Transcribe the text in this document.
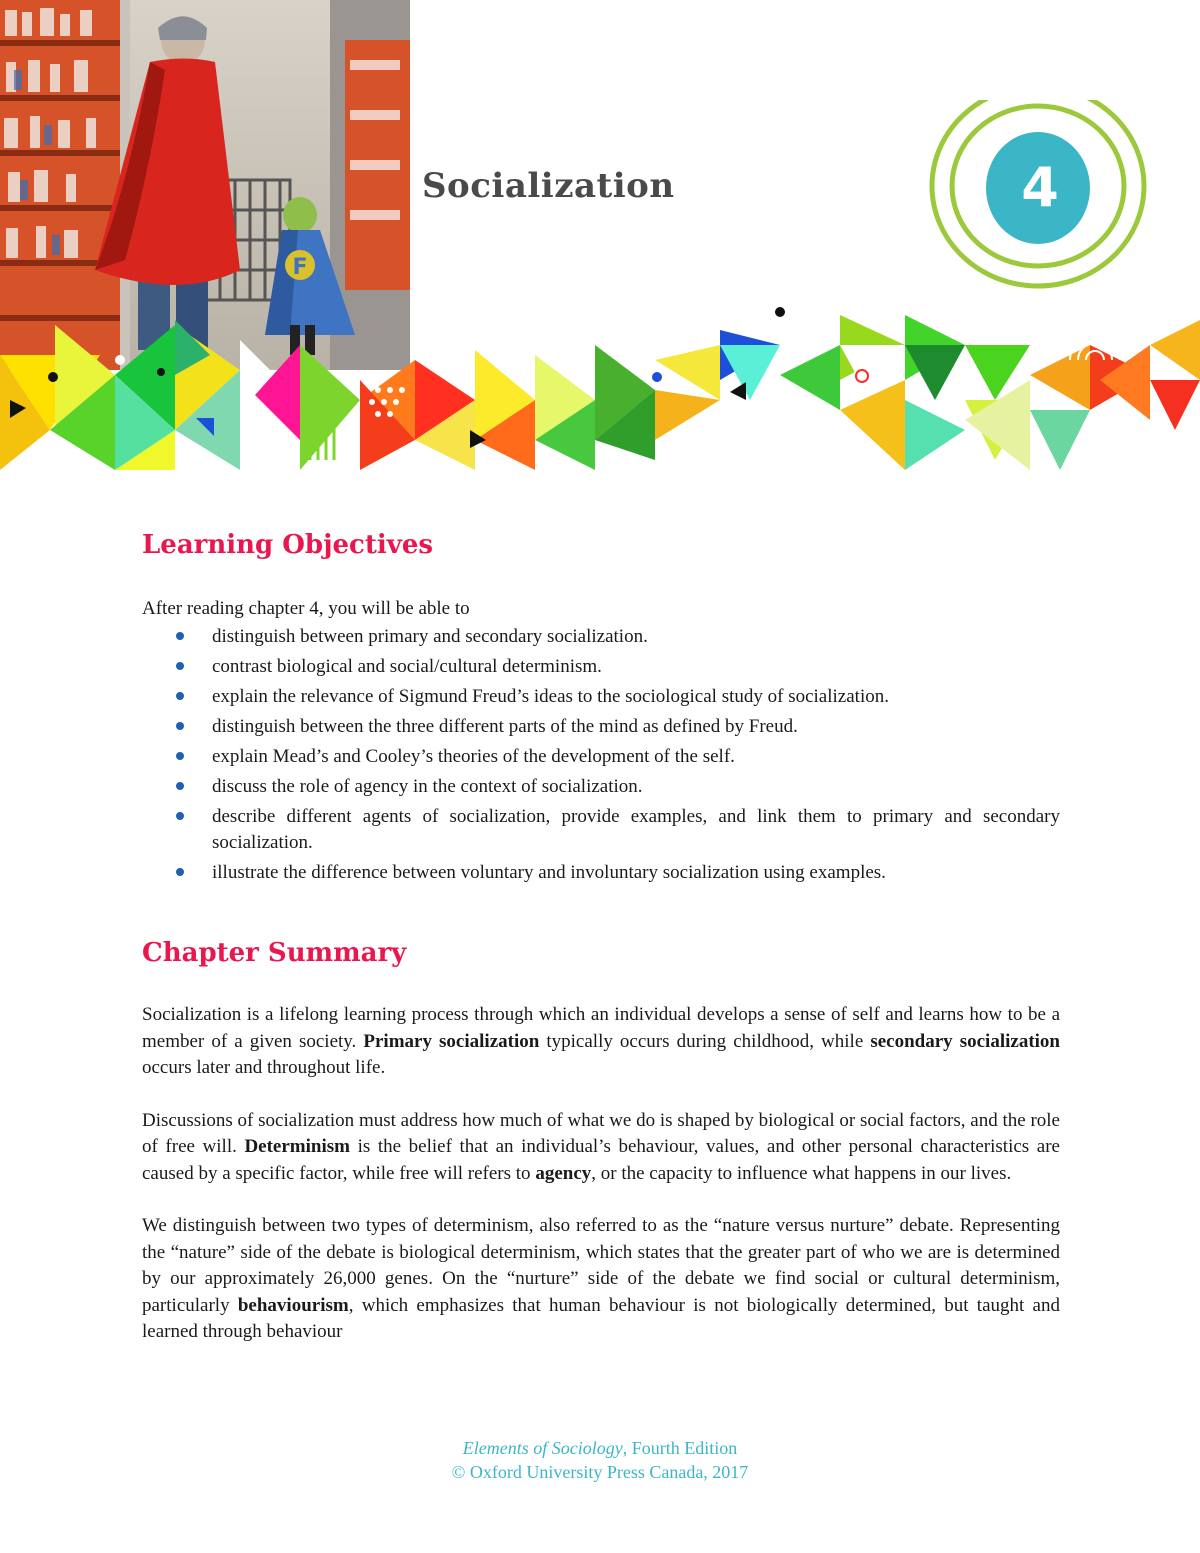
F
Socialization	4
Learning Objectives
After reading chapter 4, you will be able to
distinguish between primary and secondary socialization.
contrast biological and social/cultural determinism.
explain the relevance of Sigmund Freud’s ideas to the sociological study of socialization.
distinguish between the three different parts of the mind as defined by Freud.
explain Mead’s and Cooley’s theories of the development of the self.
discuss the role of agency in the context of socialization.
describe different agents of socialization, provide examples, and link them to primary and secondary socialization.
illustrate the difference between voluntary and involuntary socialization using examples.
Chapter Summary

Socialization is a lifelong learning process through which an individual develops a sense of self and learns how to be a member of a given society. Primary socialization typically occurs during childhood, while secondary socialization occurs later and throughout life.

Discussions of socialization must address how much of what we do is shaped by biological or social factors, and the role of free will. Determinism is the belief that an individual’s behaviour, values, and other personal characteristics are caused by a specific factor, while free will refers to agency, or the capacity to influence what happens in our lives.

We distinguish between two types of determinism, also referred to as the “nature versus nurture” debate. Representing the “nature” side of the debate is biological determinism, which states that the greater part of who we are is determined by our approximately 26,000 genes. On the “nurture” side of the debate we find social or cultural determinism, particularly behaviourism, which emphasizes that human behaviour is not biologically determined, but taught and learned through behaviour

Elements of Sociology, Fourth Edition
© Oxford University Press Canada, 2017
